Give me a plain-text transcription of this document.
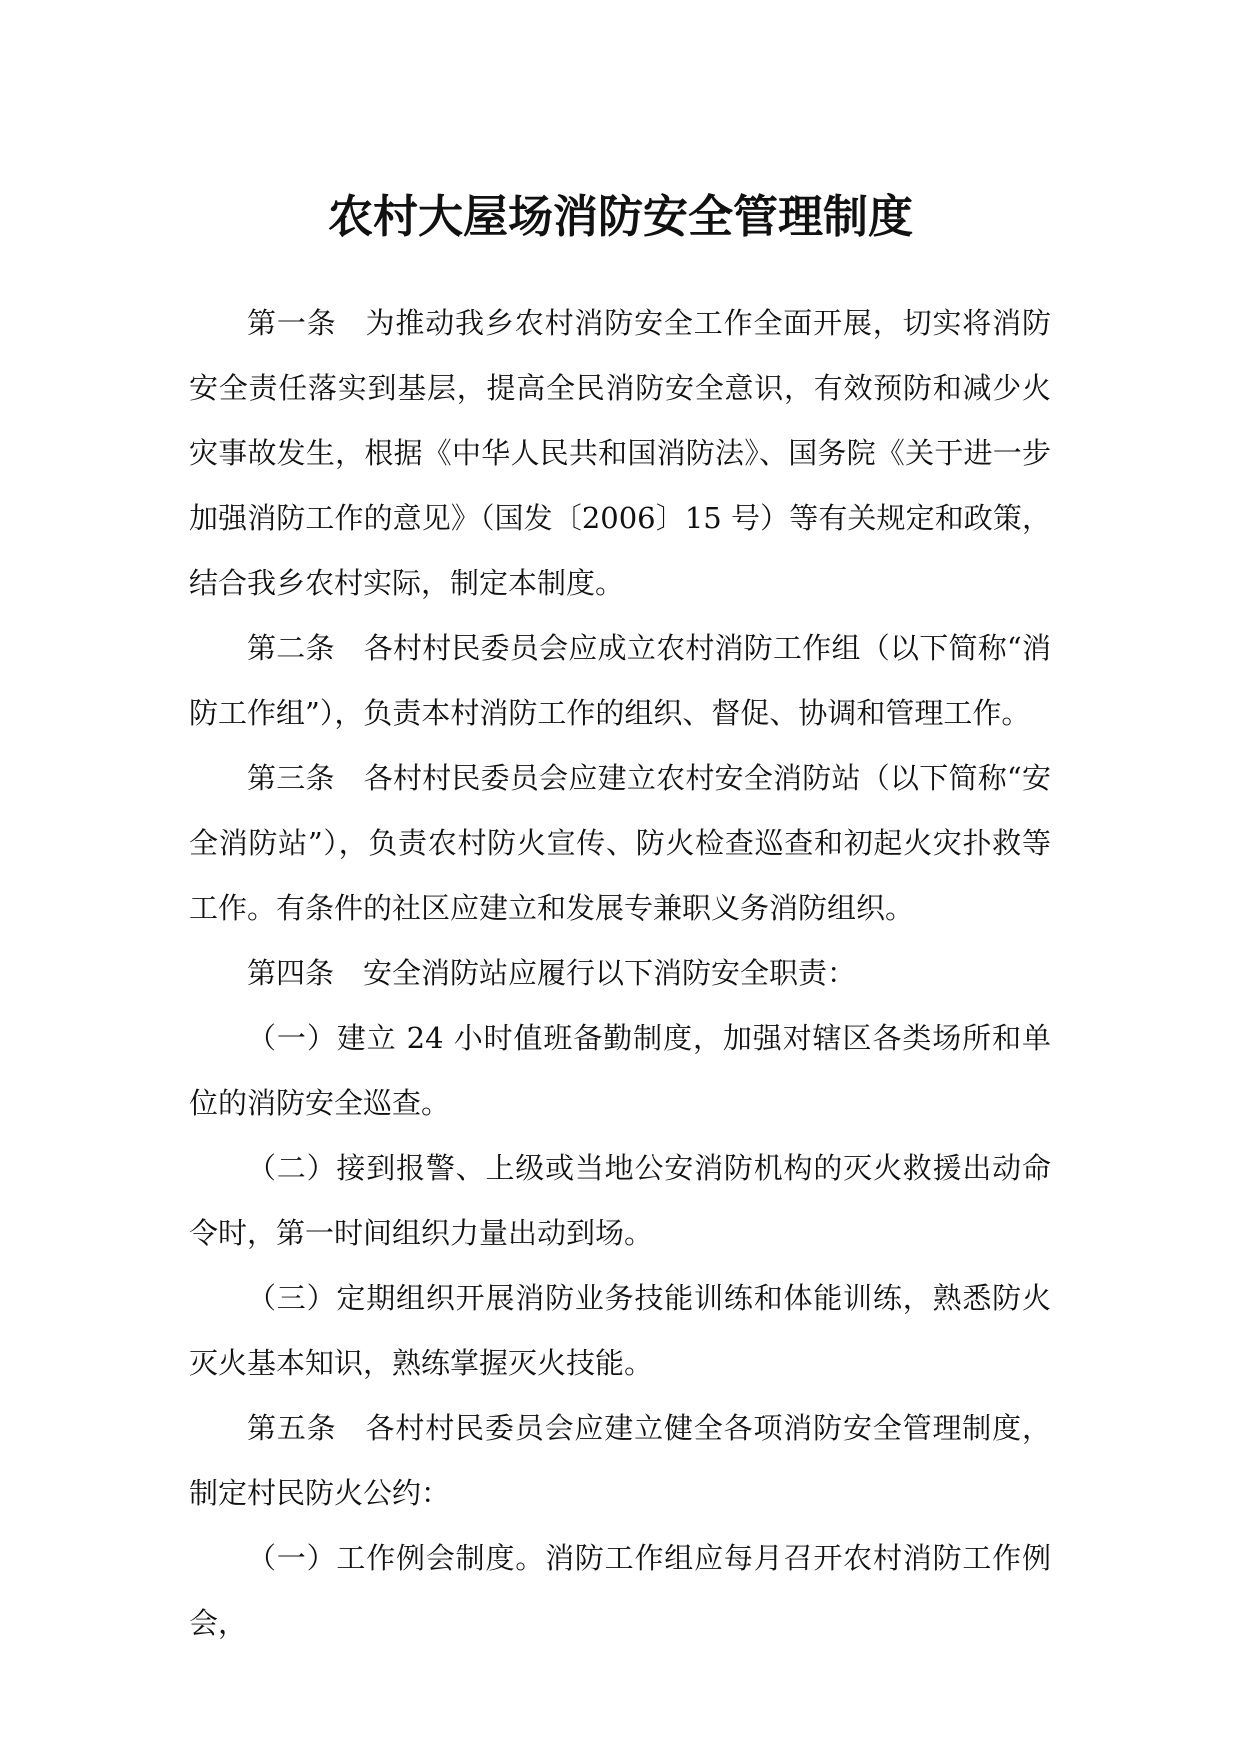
农村大屋场消防安全管理制度

第一条 为推动我乡农村消防安全工作全面开展，切实将消防安全责任落实到基层，提高全民消防安全意识，有效预防和减少火灾事故发生，根据《中华人民共和国消防法》、国务院《关于进一步加强消防工作的意见》（国发〔2006〕15 号）等有关规定和政策，结合我乡农村实际，制定本制度。

第二条 各村村民委员会应成立农村消防工作组（以下简称“消防工作组”），负责本村消防工作的组织、督促、协调和管理工作。

第三条 各村村民委员会应建立农村安全消防站（以下简称“安全消防站”），负责农村防火宣传、防火检查巡查和初起火灾扑救等工作。有条件的社区应建立和发展专兼职义务消防组织。

第四条 安全消防站应履行以下消防安全职责：

（一）建立 24 小时值班备勤制度，加强对辖区各类场所和单位的消防安全巡查。

（二）接到报警、上级或当地公安消防机构的灭火救援出动命令时，第一时间组织力量出动到场。

（三）定期组织开展消防业务技能训练和体能训练，熟悉防火灭火基本知识，熟练掌握灭火技能。

第五条 各村村民委员会应建立健全各项消防安全管理制度，制定村民防火公约：

（一）工作例会制度。消防工作组应每月召开农村消防工作例会，
